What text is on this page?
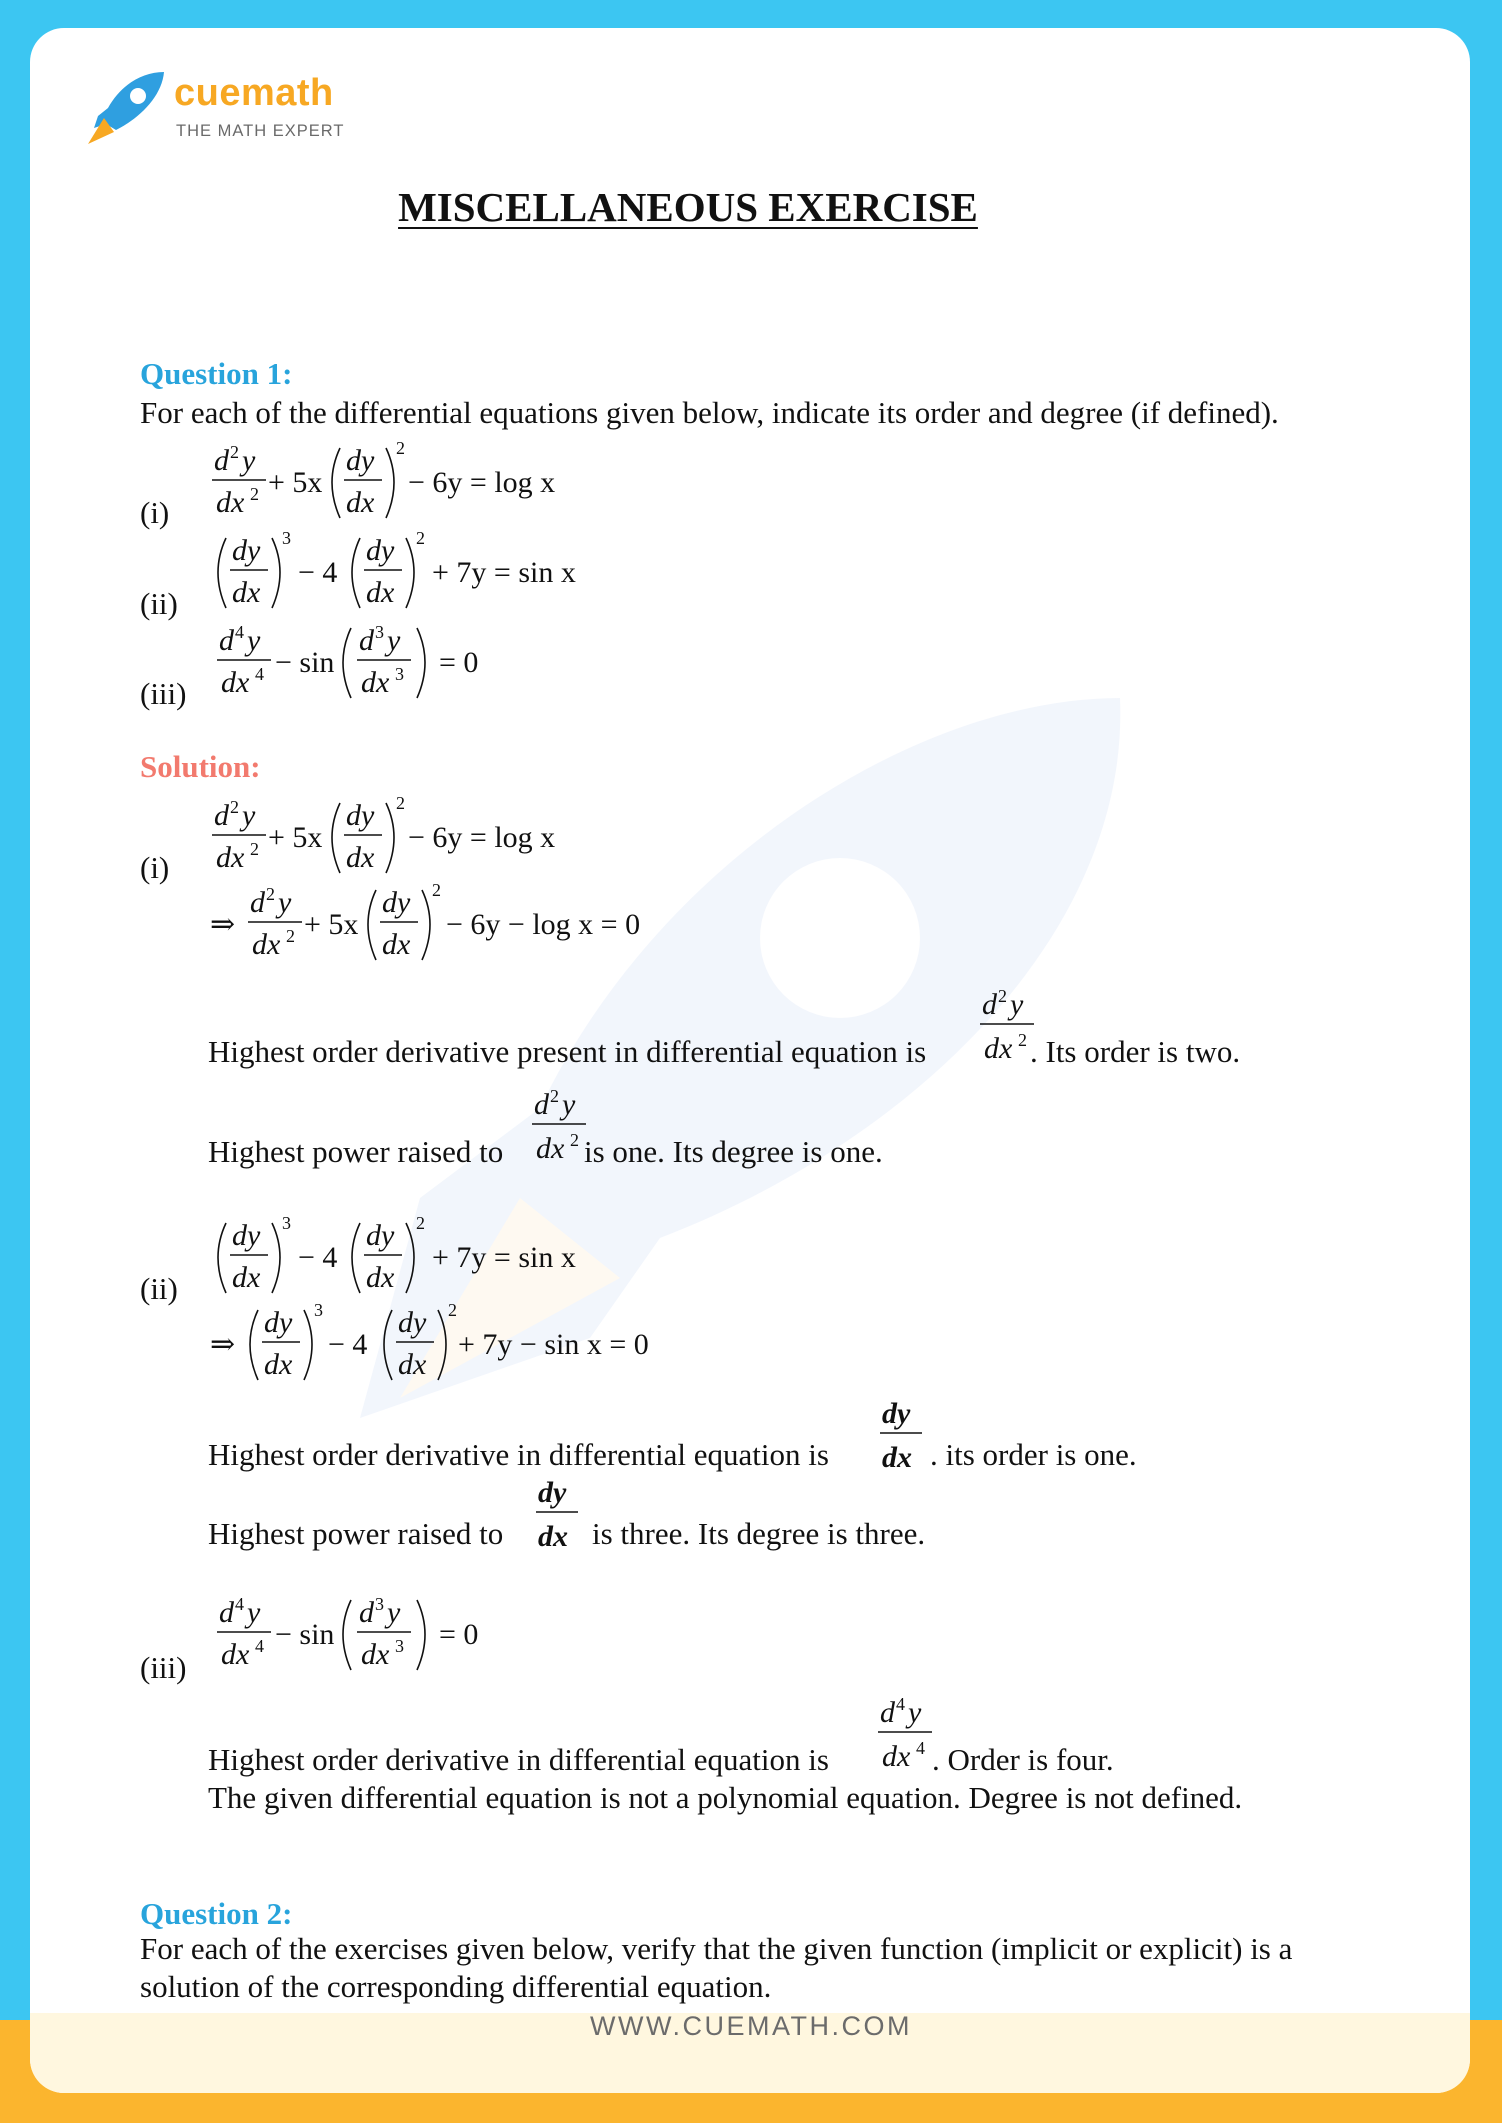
cuemath
THE MATH EXPERT
MISCELLANEOUS EXERCISE
Question 1:
For each of the differential equations given below, indicate its order and degree (if defined).
(i)
(ii)
(iii)
d 2 y
dx 2 + 5x
dy
dx
2
− 6y = log x
dy
dx
3
− 4
dy
dx
2
+ 7y = sin x
d 4 y
dx 4 − sin
d 3 y
dx 3 = 0
Solution:
(i)
d 2 y
dx 2 + 5x
dy
dx
2
− 6y = log x
⇒
d 2 y
dx 2 + 5x
dy
dx
2
− 6y − log x = 0
Highest order derivative present in differential equation is
d 2 y
dx 2 . Its order is two.
Highest power raised to
d 2 y
dx 2 is one. Its degree is one.
(ii)
dy
dx
3
− 4
dy
dx
2
+ 7y = sin x
⇒
dy
dx
3
− 4
dy
dx
2
+ 7y − sin x = 0
Highest order derivative in differential equation is
dy
dx . its order is one.
Highest power raised to
dy
dx is three. Its degree is three.
(iii)
d 4 y
dx 4 − sin
d 3 y
dx 3 = 0
Highest order derivative in differential equation is
d 4 y
dx 4 . Order is four.
The given differential equation is not a polynomial equation. Degree is not defined.
Question 2:
For each of the exercises given below, verify that the given function (implicit or explicit) is a solution of the corresponding differential equation.
WWW.CUEMATH.COM
